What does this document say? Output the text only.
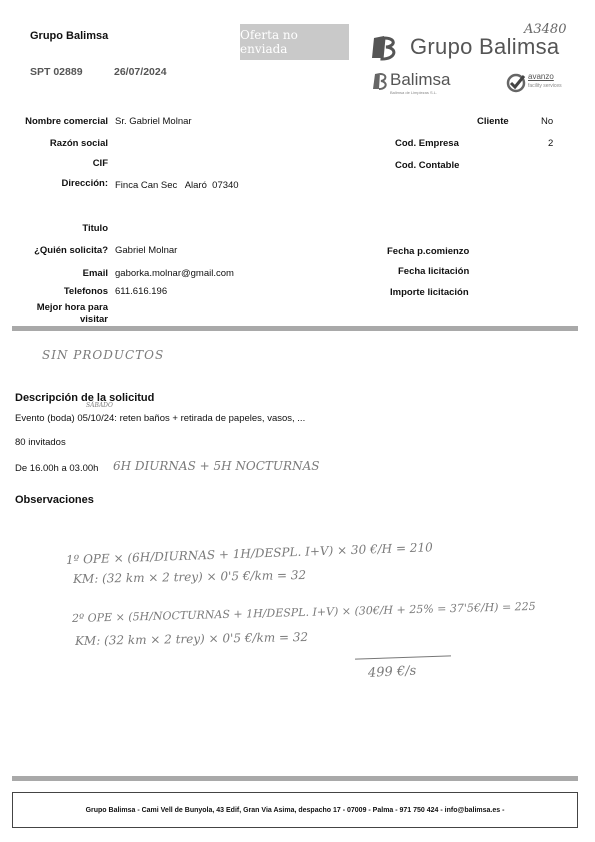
Grupo Balimsa
SPT 02889	26/07/2024
Oferta no enviada	Grupo Balimsa
A3480
Balimsa
Balimsa de Limpiezas S.L.
avanzo
facility services
Nombre comercial Sr. Gabriel Molnar
Razón social
CIF
Dirección: Finca Can Sec   Alaró  07340
Titulo
¿Quién solicita? Gabriel Molnar
Email gaborka.molnar@gmail.com
Telefonos 611.616.196
Mejor hora para visitar
Cliente	No
Cod. Empresa	2
Cod. Contable
Fecha p.comienzo
Fecha licitación
Importe licitación
SIN PRODUCTOS
Descripción de la solicitud
SÁBADO
Evento (boda) 05/10/24: reten baños + retirada de papeles, vasos, ...
80 invitados
De 16.00h a 03.00h 6H DIURNAS + 5H NOCTURNAS
Observaciones
1º OPE × (6H/DIURNAS + 1H/DESPL. I+V) × 30 €/H = 210
KM: (32 km × 2 trey) × 0'5 €/km = 32
2º OPE × (5H/NOCTURNAS + 1H/DESPL. I+V) × (30€/H + 25% = 37'5€/H) = 225
KM: (32 km × 2 trey) × 0'5 €/km = 32
499 €/s
Grupo Balimsa - Cami Vell de Bunyola, 43 Edif, Gran Via Asima, despacho 17 - 07009 - Palma - 971 750 424 - info@balimsa.es -
